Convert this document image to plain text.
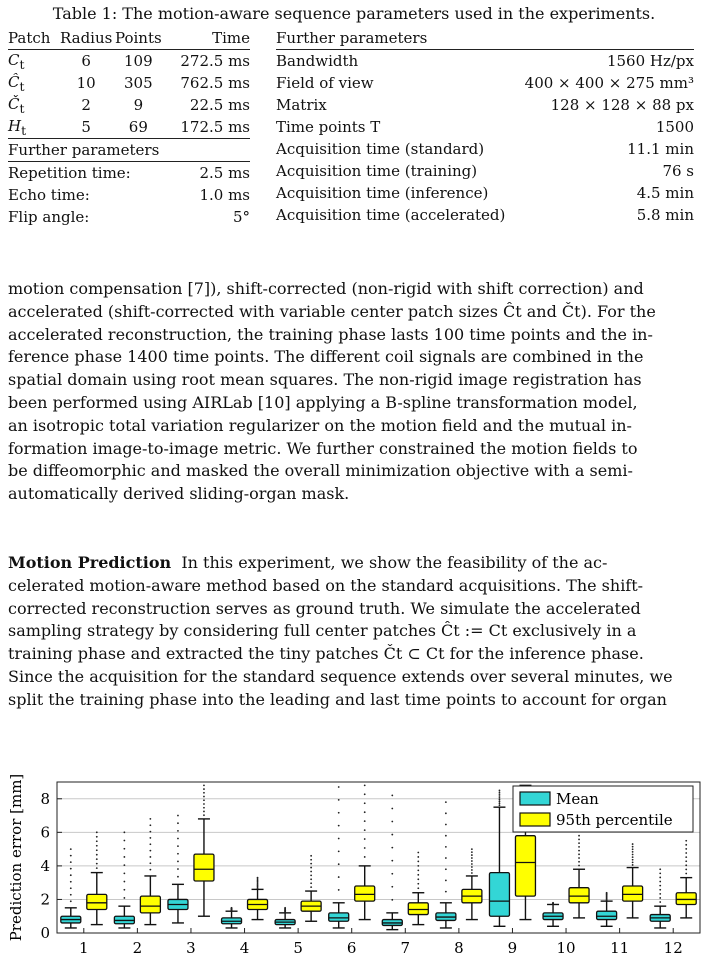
Table 1: The motion-aware sequence parameters used in the experiments.
Patch	Radius	Points	Time
$C_t$	6	109	272.5 ms
$Ĉ_t$	10	305	762.5 ms
$Č_t$	2	9	22.5 ms
$H_t$	5	69	172.5 ms
Further parameters			
Repetition time:			2.5 ms
Echo time:			1.0 ms
Flip angle:			5°
Further parameters	
Bandwidth	1560 Hz/px
Field of view	400 × 400 × 275 mm³
Matrix	128 × 128 × 88 px
Time points T	1500
Acquisition time (standard)	11.1 min
Acquisition time (training)	76 s
Acquisition time (inference)	4.5 min
Acquisition time (accelerated)	5.8 min
motion compensation [7]), shift-corrected (non-rigid with shift correction) and
accelerated (shift-corrected with variable center patch sizes Ĉt and Čt). For the
accelerated reconstruction, the training phase lasts 100 time points and the in-
ference phase 1400 time points. The different coil signals are combined in the
spatial domain using root mean squares. The non-rigid image registration has
been performed using AIRLab [10] applying a B-spline transformation model,
an isotropic total variation regularizer on the motion field and the mutual in-
formation image-to-image metric. We further constrained the motion fields to
be diffeomorphic and masked the overall minimization objective with a semi-
automatically derived sliding-organ mask.
Motion Prediction In this experiment, we show the feasibility of the ac-
celerated motion-aware method based on the standard acquisitions. The shift-
corrected reconstruction serves as ground truth. We simulate the accelerated
sampling strategy by considering full center patches Ĉt := Ct exclusively in a
training phase and extracted the tiny patches Čt ⊂ Ct for the inference phase.
Since the acquisition for the standard sequence extends over several minutes, we
split the training phase into the leading and last time points to account for organ
0
2
4
6
8
Prediction error [mm]
1	2	3	4	5	6	7	8	9	10 11 12
Mean
95th percentile
